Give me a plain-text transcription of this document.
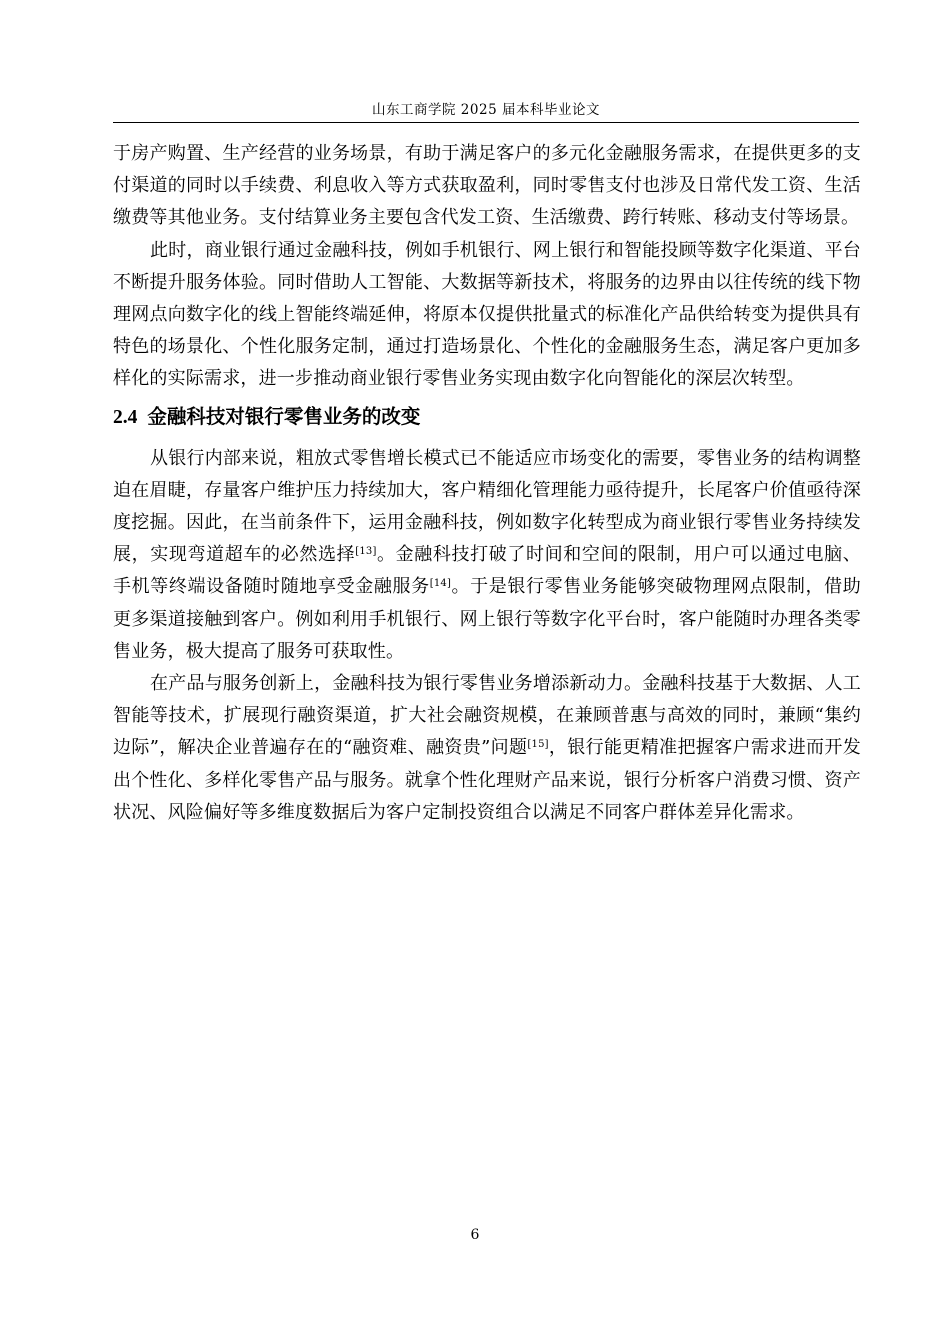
山东工商学院 2025 届本科毕业论文

于房产购置、生产经营的业务场景，有助于满足客户的多元化金融服务需求，在提供更多的支付渠道的同时以手续费、利息收入等方式获取盈利，同时零售支付也涉及日常代发工资、生活缴费等其他业务。支付结算业务主要包含代发工资、生活缴费、跨行转账、移动支付等场景。

此时，商业银行通过金融科技，例如手机银行、网上银行和智能投顾等数字化渠道、平台不断提升服务体验。同时借助人工智能、大数据等新技术，将服务的边界由以往传统的线下物理网点向数字化的线上智能终端延伸，将原本仅提供批量式的标准化产品供给转变为提供具有特色的场景化、个性化服务定制，通过打造场景化、个性化的金融服务生态，满足客户更加多样化的实际需求，进一步推动商业银行零售业务实现由数字化向智能化的深层次转型。

2.4 金融科技对银行零售业务的改变

从银行内部来说，粗放式零售增长模式已不能适应市场变化的需要，零售业务的结构调整迫在眉睫，存量客户维护压力持续加大，客户精细化管理能力亟待提升，长尾客户价值亟待深度挖掘。因此，在当前条件下，运用金融科技，例如数字化转型成为商业银行零售业务持续发展，实现弯道超车的必然选择[13]。金融科技打破了时间和空间的限制，用户可以通过电脑、手机等终端设备随时随地享受金融服务[14]。于是银行零售业务能够突破物理网点限制，借助更多渠道接触到客户。例如利用手机银行、网上银行等数字化平台时，客户能随时办理各类零售业务，极大提高了服务可获取性。

在产品与服务创新上，金融科技为银行零售业务增添新动力。金融科技基于大数据、人工智能等技术，扩展现行融资渠道，扩大社会融资规模，在兼顾普惠与高效的同时，兼顾“集约边际”，解决企业普遍存在的“融资难、融资贵”问题[15]，银行能更精准把握客户需求进而开发出个性化、多样化零售产品与服务。就拿个性化理财产品来说，银行分析客户消费习惯、资产状况、风险偏好等多维度数据后为客户定制投资组合以满足不同客户群体差异化需求。

6
